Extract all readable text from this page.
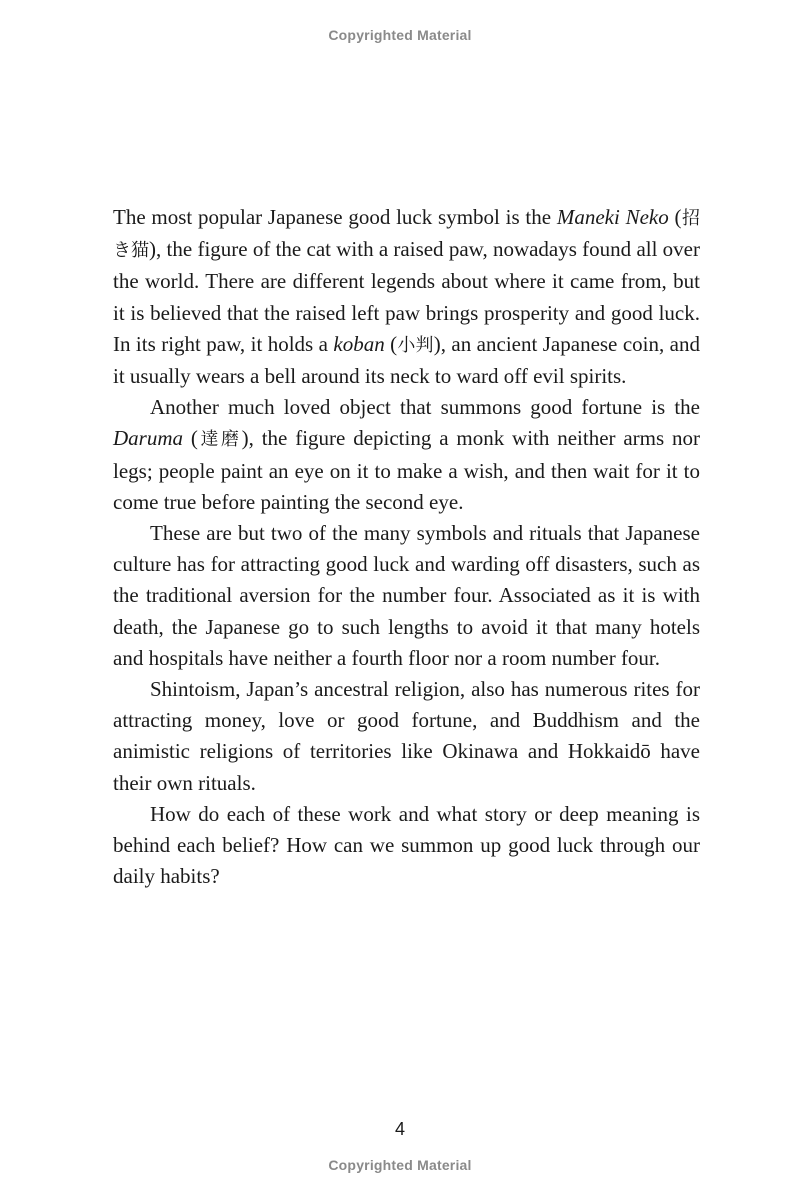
Copyrighted Material

The most popular Japanese good luck symbol is the Maneki Neko (招き猫), the figure of the cat with a raised paw, nowadays found all over the world. There are different legends about where it came from, but it is believed that the raised left paw brings prosperity and good luck. In its right paw, it holds a koban (小判), an ancient Japanese coin, and it usually wears a bell around its neck to ward off evil spirits.

Another much loved object that summons good fortune is the Daruma (達磨), the figure depicting a monk with neither arms nor legs; people paint an eye on it to make a wish, and then wait for it to come true before painting the second eye.

These are but two of the many symbols and rituals that Japanese culture has for attracting good luck and warding off disasters, such as the traditional aversion for the number four. Associated as it is with death, the Japanese go to such lengths to avoid it that many hotels and hospitals have neither a fourth floor nor a room number four.

Shintoism, Japan’s ancestral religion, also has numerous rites for attracting money, love or good fortune, and Buddhism and the animistic religions of territories like Okinawa and Hokkaidō have their own rituals.

How do each of these work and what story or deep meaning is behind each belief? How can we summon up good luck through our daily habits?

4
Copyrighted Material
